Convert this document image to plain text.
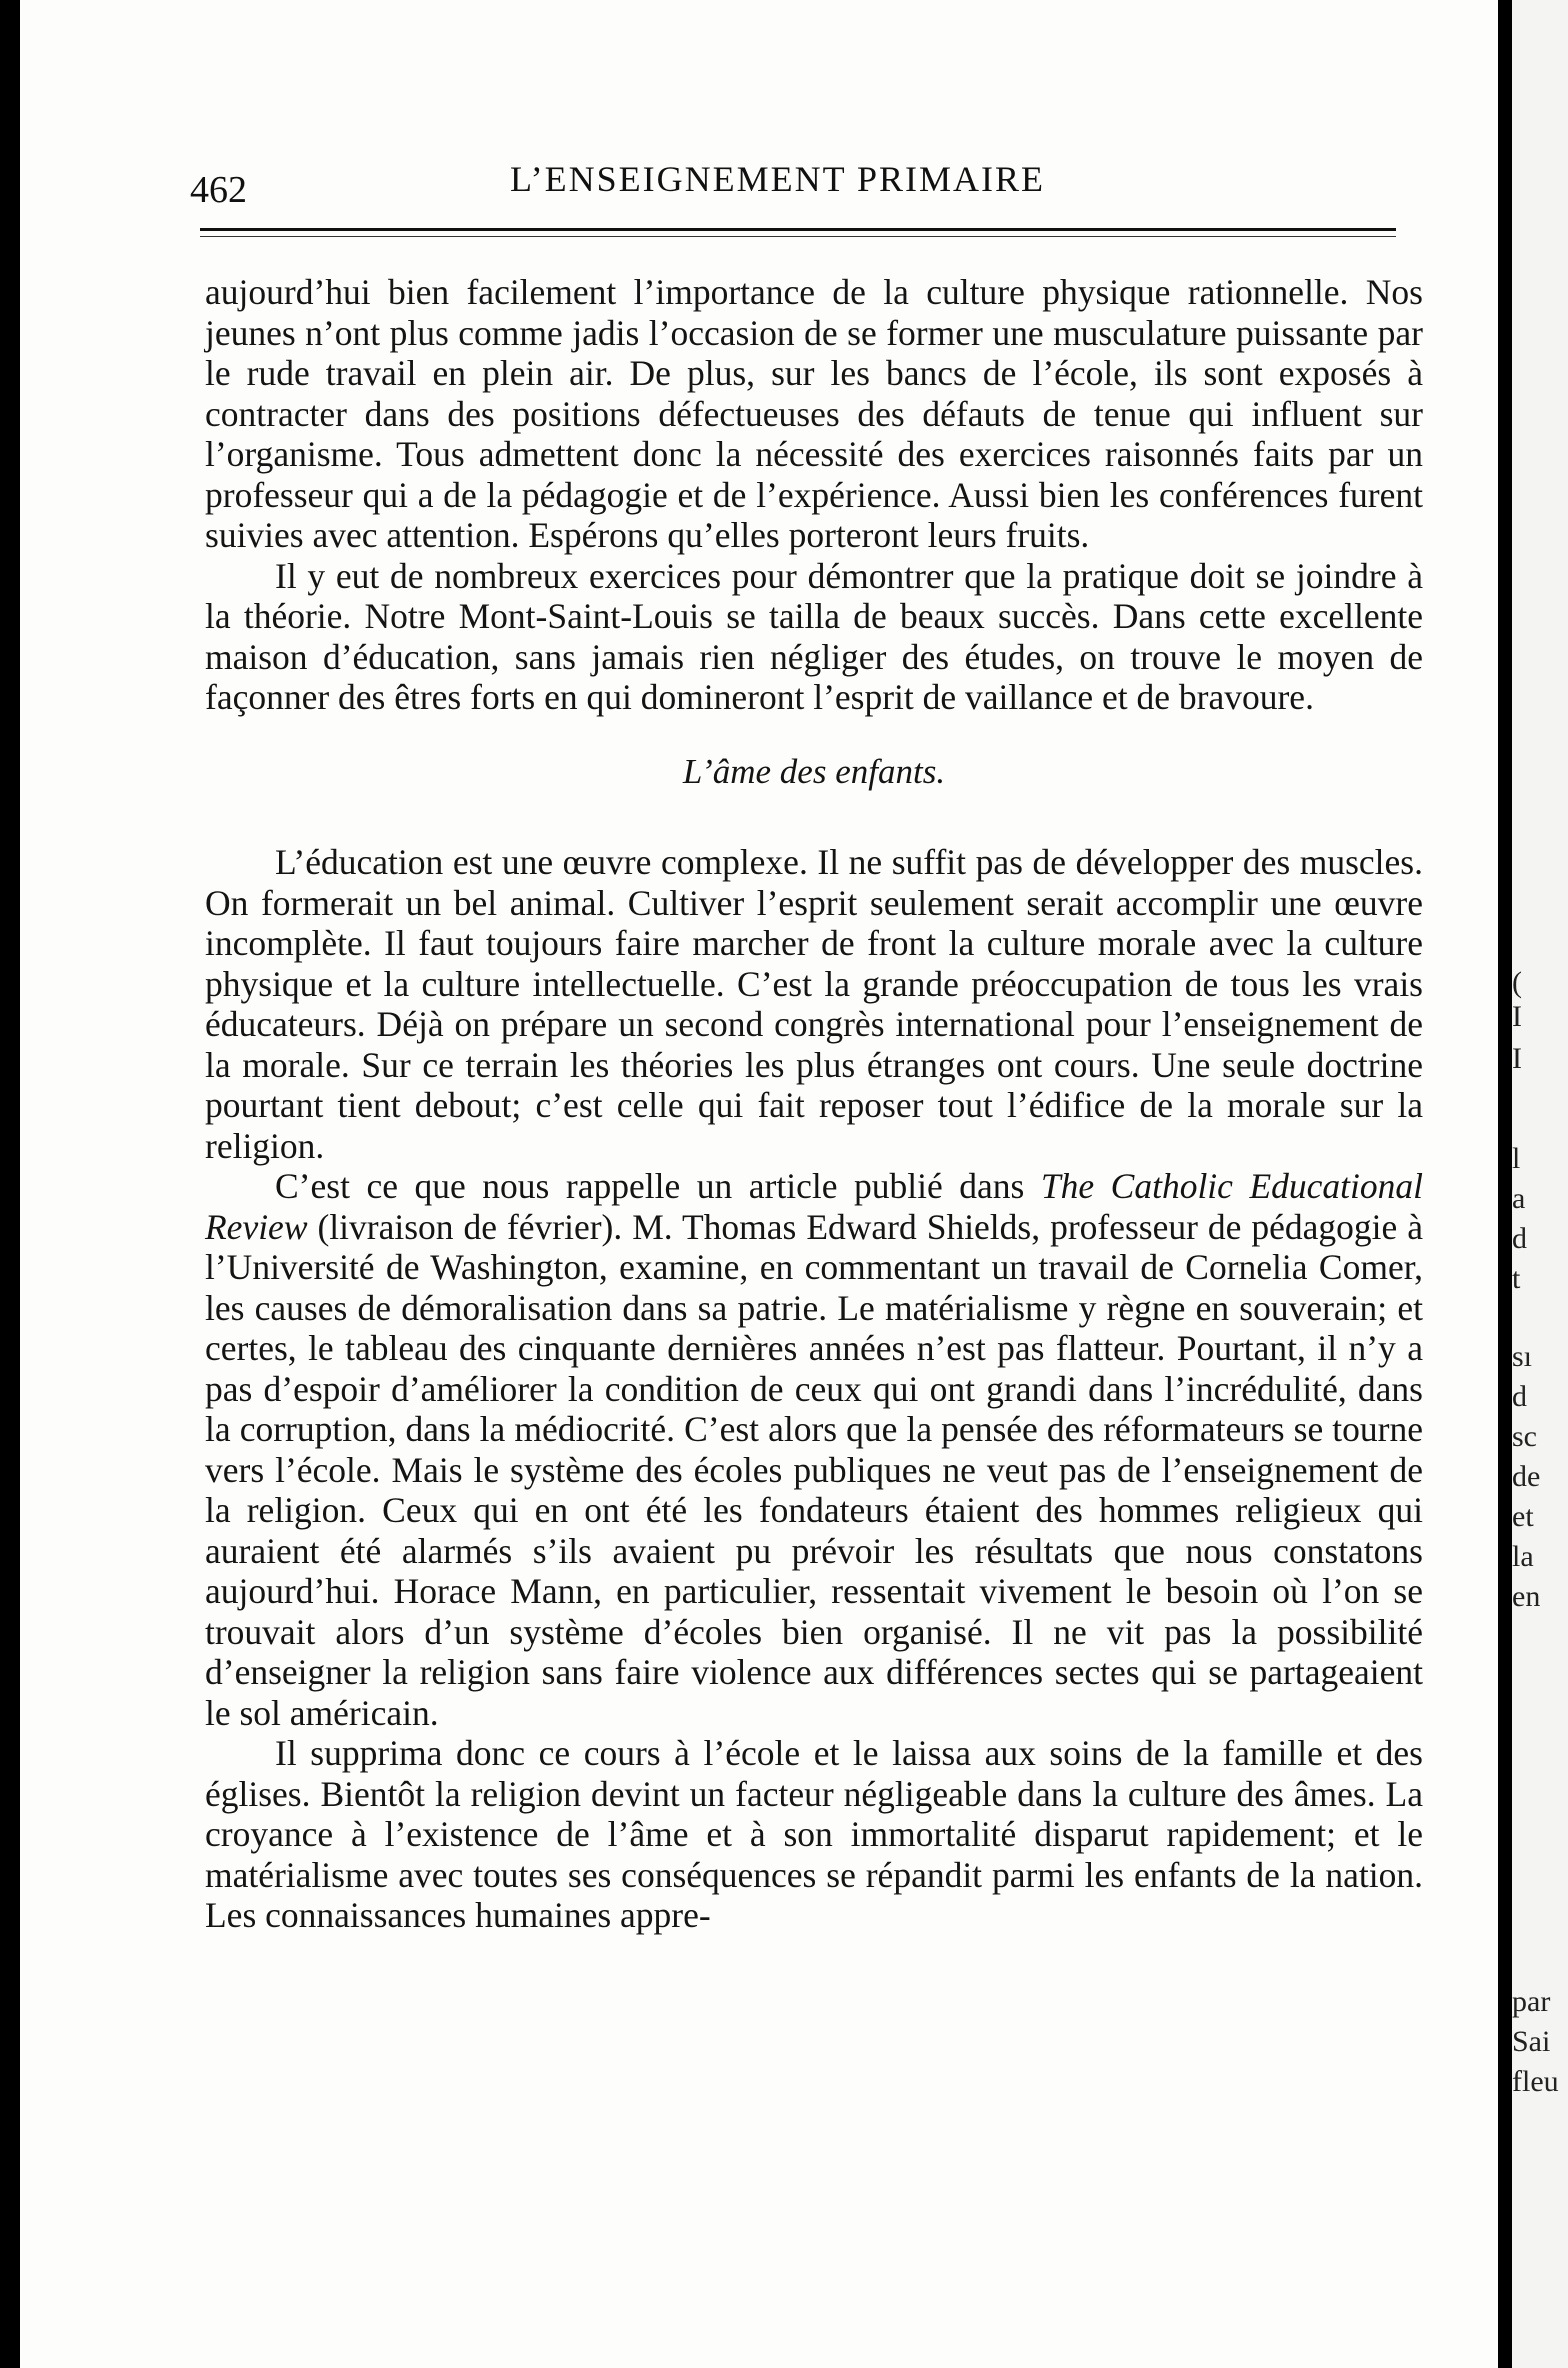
(
I
I
l
a
d
t
sı
d
sc
de
et
la
en
par
Sai
fleu
462	L’ENSEIGNEMENT PRIMAIRE

aujourd’hui bien facilement l’importance de la culture physique rationnelle. Nos jeunes n’ont plus comme jadis l’occasion de se former une musculature puissante par le rude travail en plein air. De plus, sur les bancs de l’école, ils sont exposés à contracter dans des positions défectueuses des défauts de tenue qui influent sur l’organisme. Tous admettent donc la nécessité des exercices raisonnés faits par un professeur qui a de la pédagogie et de l’expérience. Aussi bien les conférences furent suivies avec attention. Espérons qu’elles porteront leurs fruits.

Il y eut de nombreux exercices pour démontrer que la pratique doit se joindre à la théorie. Notre Mont-Saint-Louis se tailla de beaux succès. Dans cette excellente maison d’éducation, sans jamais rien négliger des études, on trouve le moyen de façonner des êtres forts en qui domineront l’esprit de vaillance et de bravoure.

L’âme des enfants.

L’éducation est une œuvre complexe. Il ne suffit pas de développer des muscles. On formerait un bel animal. Cultiver l’esprit seulement serait accomplir une œuvre incomplète. Il faut toujours faire marcher de front la culture morale avec la culture physique et la culture intellectuelle. C’est la grande préoccupation de tous les vrais éducateurs. Déjà on prépare un second congrès international pour l’enseignement de la morale. Sur ce terrain les théories les plus étranges ont cours. Une seule doctrine pourtant tient debout; c’est celle qui fait reposer tout l’édifice de la morale sur la religion.

C’est ce que nous rappelle un article publié dans The Catholic Educational Review (livraison de février). M. Thomas Edward Shields, professeur de pédagogie à l’Université de Washington, examine, en commentant un travail de Cornelia Comer, les causes de démoralisation dans sa patrie. Le matérialisme y règne en souverain; et certes, le tableau des cinquante dernières années n’est pas flatteur. Pourtant, il n’y a pas d’espoir d’améliorer la condition de ceux qui ont grandi dans l’incrédulité, dans la corruption, dans la médiocrité. C’est alors que la pensée des réformateurs se tourne vers l’école. Mais le système des écoles publiques ne veut pas de l’enseignement de la religion. Ceux qui en ont été les fondateurs étaient des hommes religieux qui auraient été alarmés s’ils avaient pu prévoir les résultats que nous constatons aujourd’hui. Horace Mann, en particulier, ressentait vivement le besoin où l’on se trouvait alors d’un système d’écoles bien organisé. Il ne vit pas la possibilité d’enseigner la religion sans faire violence aux différences sectes qui se partageaient le sol américain.

Il supprima donc ce cours à l’école et le laissa aux soins de la famille et des églises. Bientôt la religion devint un facteur négligeable dans la culture des âmes. La croyance à l’existence de l’âme et à son immortalité disparut rapidement; et le matérialisme avec toutes ses conséquences se répandit parmi les enfants de la nation. Les connaissances humaines appre-
